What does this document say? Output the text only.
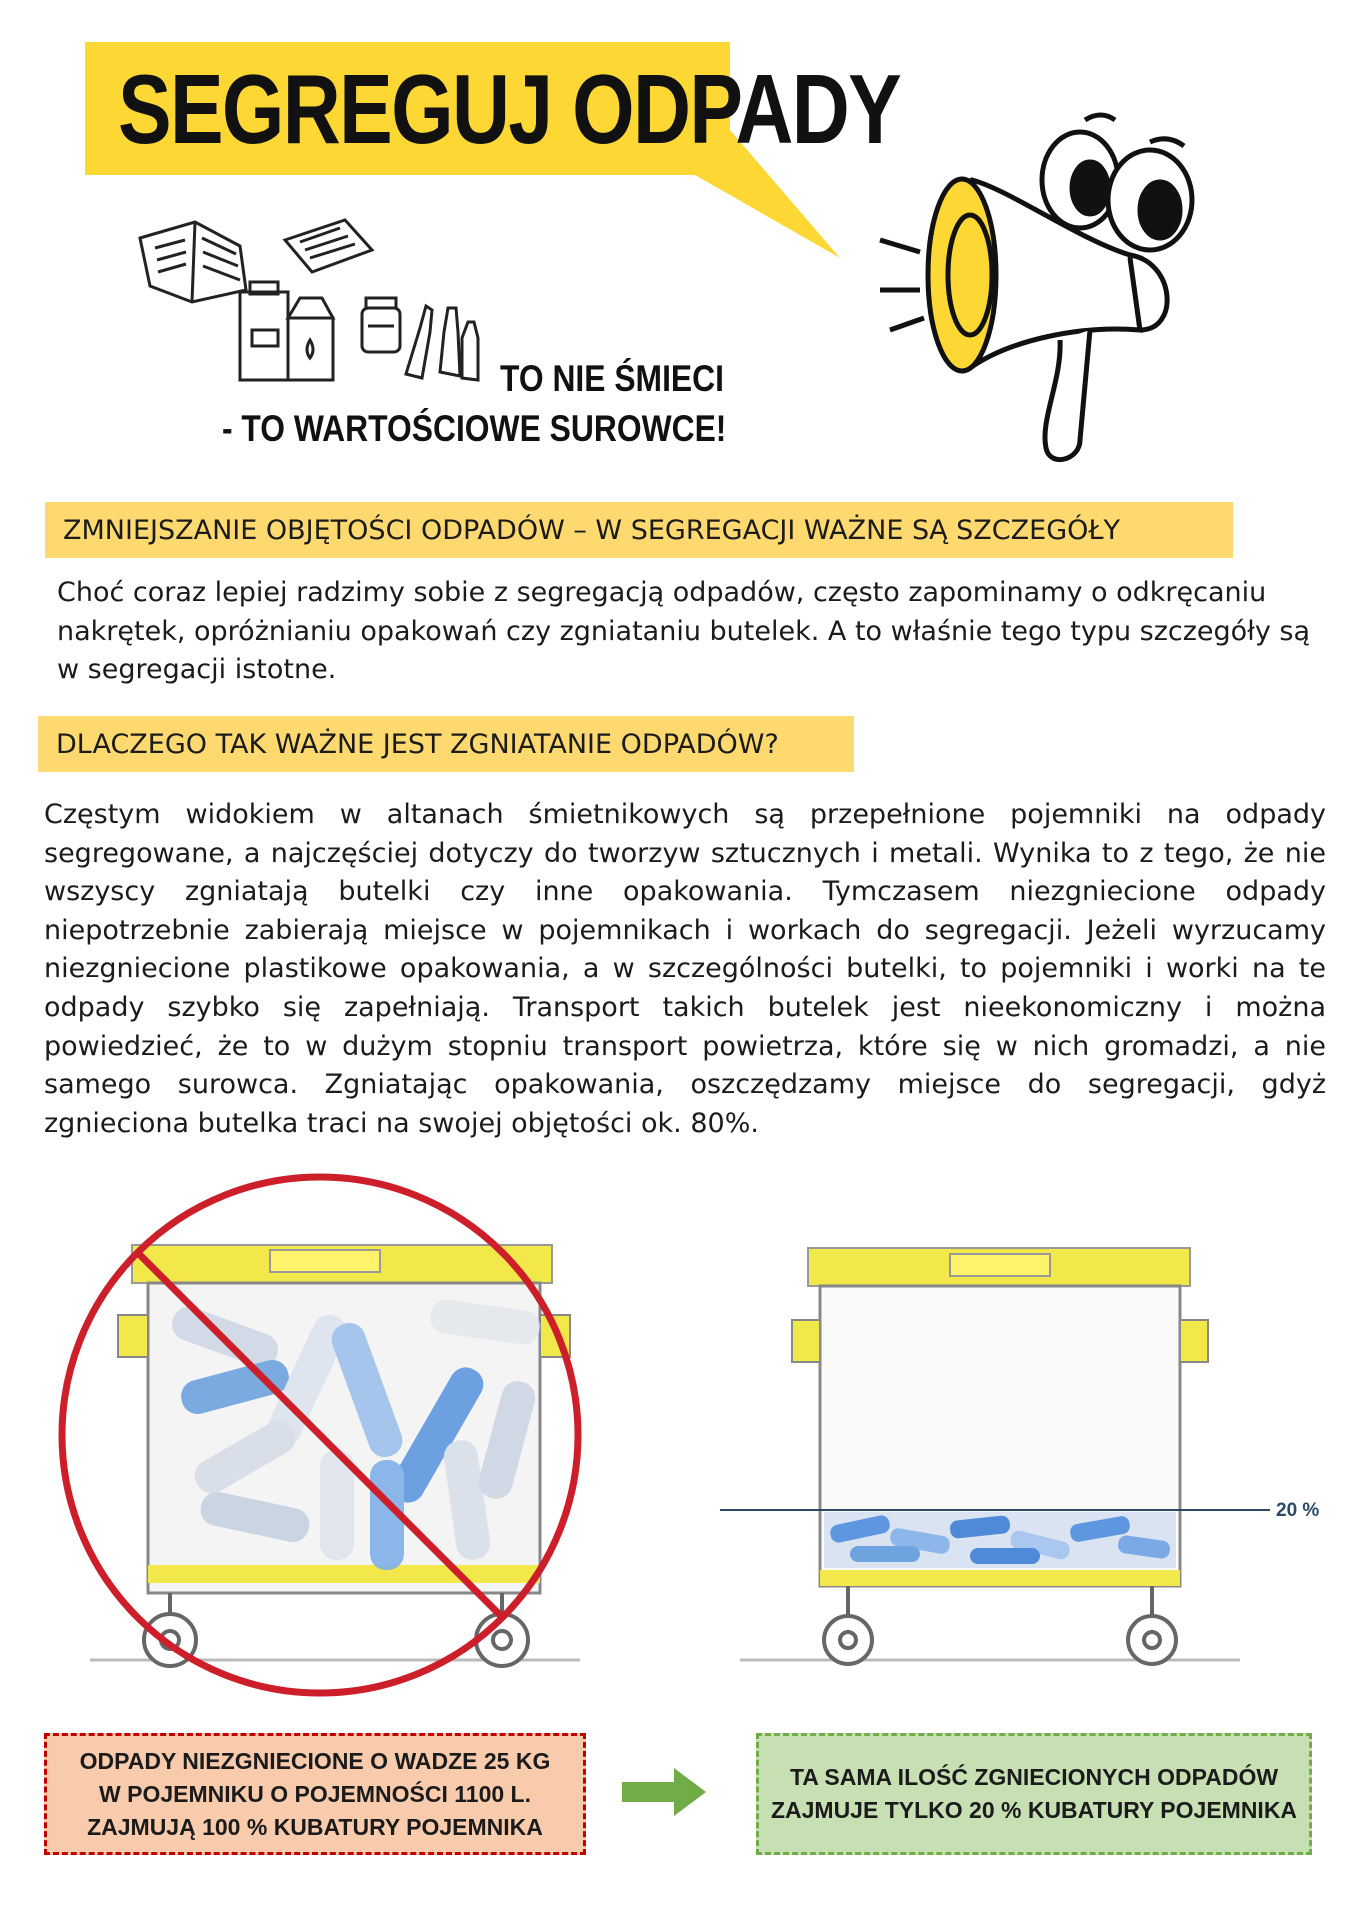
SEGREGUJ ODPADY
TO NIE ŚMIECI
- TO WARTOŚCIOWE SUROWCE!
ZMNIEJSZANIE OBJĘTOŚCI ODPADÓW – W SEGREGACJI WAŻNE SĄ SZCZEGÓŁY
Choć coraz lepiej radzimy sobie z segregacją odpadów, często zapominamy o odkręcaniu nakrętek, opróżnianiu opakowań czy zgniataniu butelek. A to właśnie tego typu szczegóły są w segregacji istotne.
DLACZEGO TAK WAŻNE JEST ZGNIATANIE ODPADÓW?
Częstym widokiem w altanach śmietnikowych są przepełnione pojemniki na odpady segregowane, a najczęściej dotyczy do tworzyw sztucznych i metali. Wynika to z tego, że nie wszyscy zgniatają butelki czy inne opakowania. Tymczasem niezgniecione odpady niepotrzebnie zabierają miejsce w pojemnikach i workach do segregacji. Jeżeli wyrzucamy niezgniecione plastikowe opakowania, a w szczególności butelki, to pojemniki i worki na te odpady szybko się zapełniają. Transport takich butelek jest nieekonomiczny i można powiedzieć, że to w dużym stopniu transport powietrza, które się w nich gromadzi, a nie samego surowca. Zgniatając opakowania, oszczędzamy miejsce do segregacji, gdyż zgnieciona butelka traci na swojej objętości ok. 80%.
20 %
ODPADY NIEZGNIECIONE O WADZE 25 KG
W POJEMNIKU O POJEMNOŚCI 1100 L.
ZAJMUJĄ 100 % KUBATURY POJEMNIKA
TA SAMA ILOŚĆ ZGNIECIONYCH ODPADÓW
ZAJMUJE TYLKO 20 % KUBATURY POJEMNIKA
